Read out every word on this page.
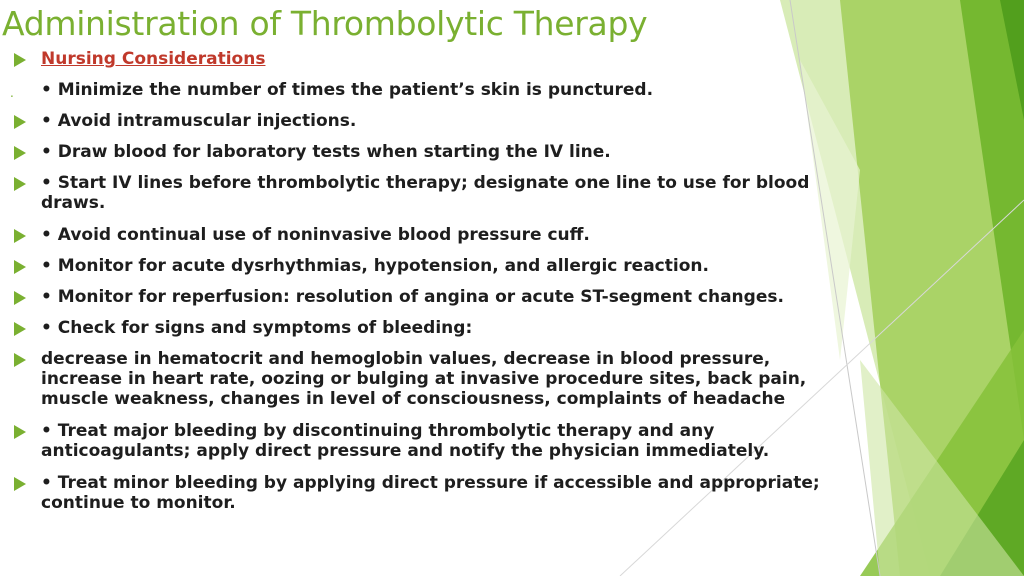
Administration of Thrombolytic Therapy
Nursing Considerations
. • Minimize the number of times the patient’s skin is punctured.
• Avoid intramuscular injections.
• Draw blood for laboratory tests when starting the IV line.
• Start IV lines before thrombolytic therapy; designate one line to use for blood
draws.
• Avoid continual use of noninvasive blood pressure cuff.
• Monitor for acute dysrhythmias, hypotension, and allergic reaction.
• Monitor for reperfusion: resolution of angina or acute ST-segment changes.
• Check for signs and symptoms of bleeding:
decrease in hematocrit and hemoglobin values, decrease in blood pressure,
increase in heart rate, oozing or bulging at invasive procedure sites, back pain,
muscle weakness, changes in level of consciousness, complaints of headache
• Treat major bleeding by discontinuing thrombolytic therapy and any
anticoagulants; apply direct pressure and notify the physician immediately.
• Treat minor bleeding by applying direct pressure if accessible and appropriate;
continue to monitor.
